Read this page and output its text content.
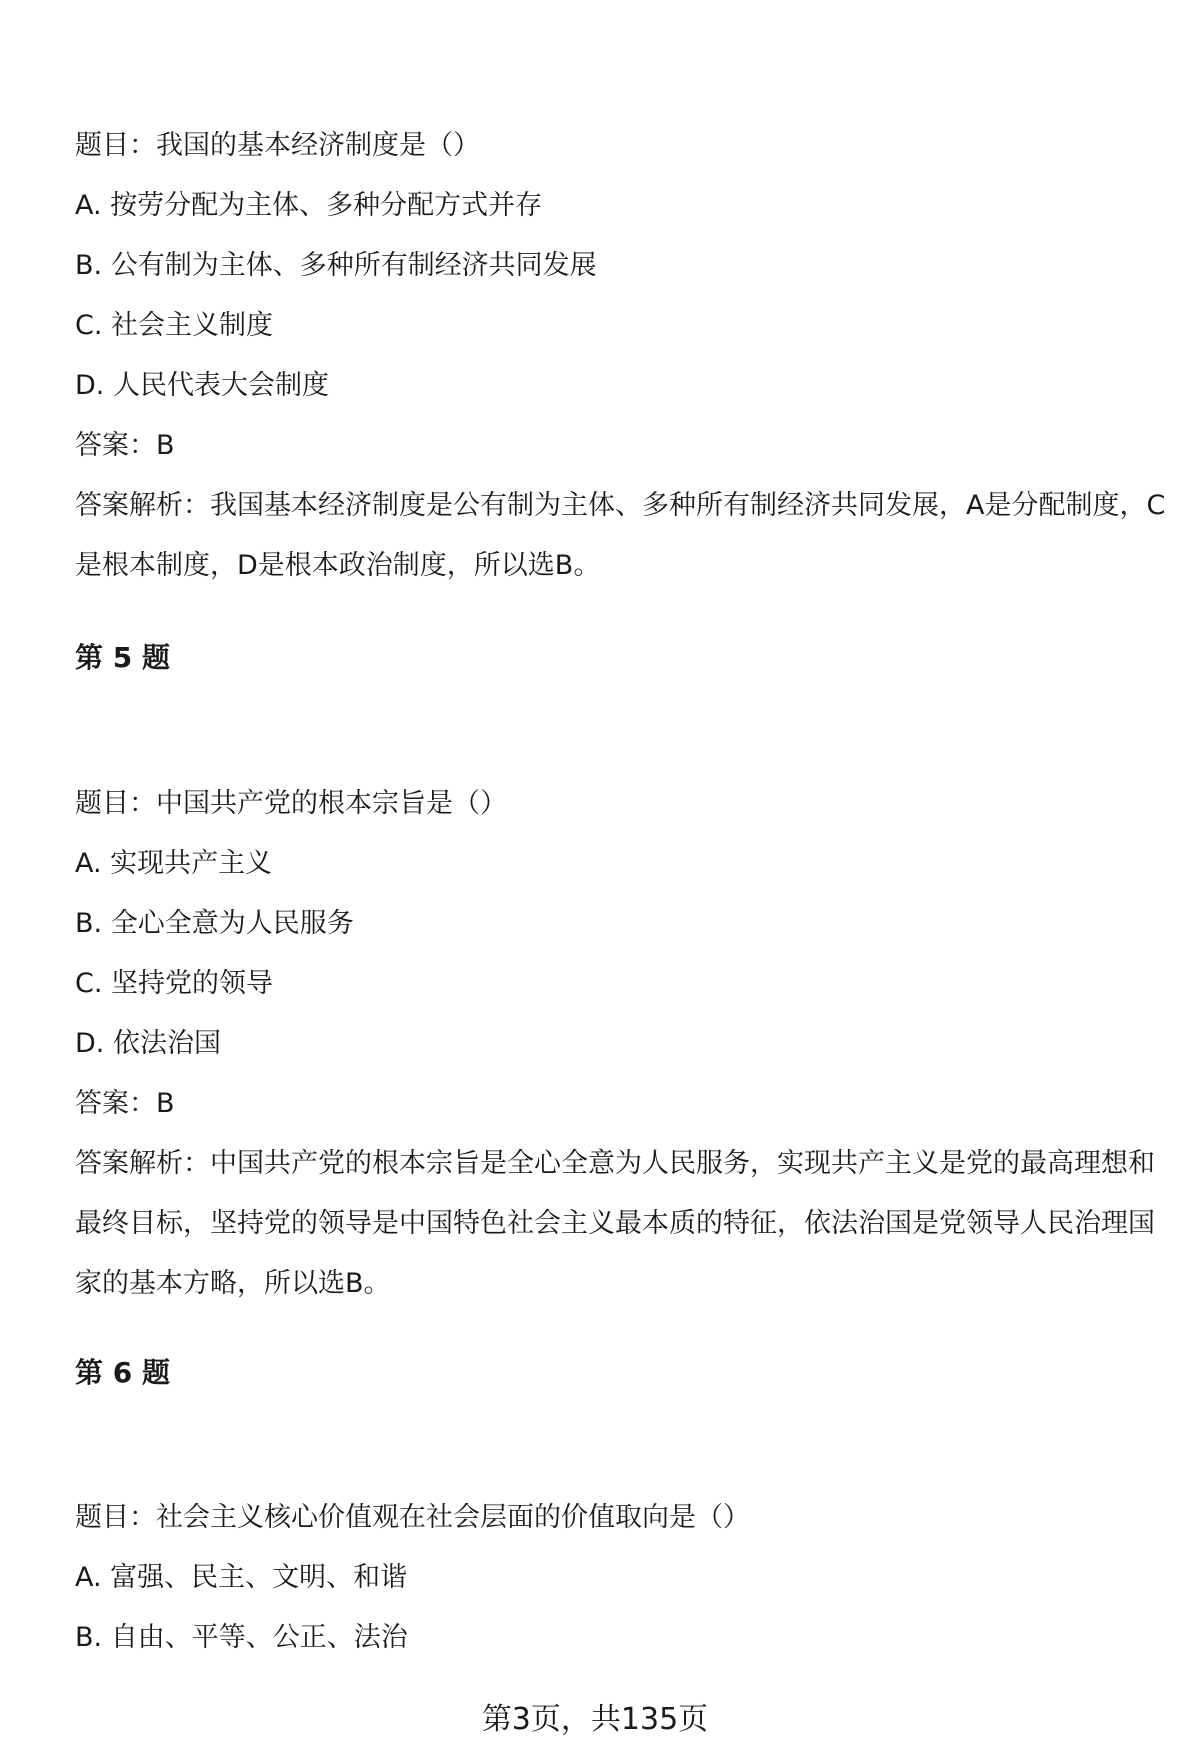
题目：我国的基本经济制度是（）
A. 按劳分配为主体、多种分配方式并存
B. 公有制为主体、多种所有制经济共同发展
C. 社会主义制度
D. 人民代表大会制度
答案：B
答案解析：我国基本经济制度是公有制为主体、多种所有制经济共同发展，A是分配制度，C是根本制度，D是根本政治制度，所以选B。
第 5 题
题目：中国共产党的根本宗旨是（）
A. 实现共产主义
B. 全心全意为人民服务
C. 坚持党的领导
D. 依法治国
答案：B
答案解析：中国共产党的根本宗旨是全心全意为人民服务，实现共产主义是党的最高理想和最终目标，坚持党的领导是中国特色社会主义最本质的特征，依法治国是党领导人民治理国家的基本方略，所以选B。
第 6 题
题目：社会主义核心价值观在社会层面的价值取向是（）
A. 富强、民主、文明、和谐
B. 自由、平等、公正、法治
第3页，共135页
